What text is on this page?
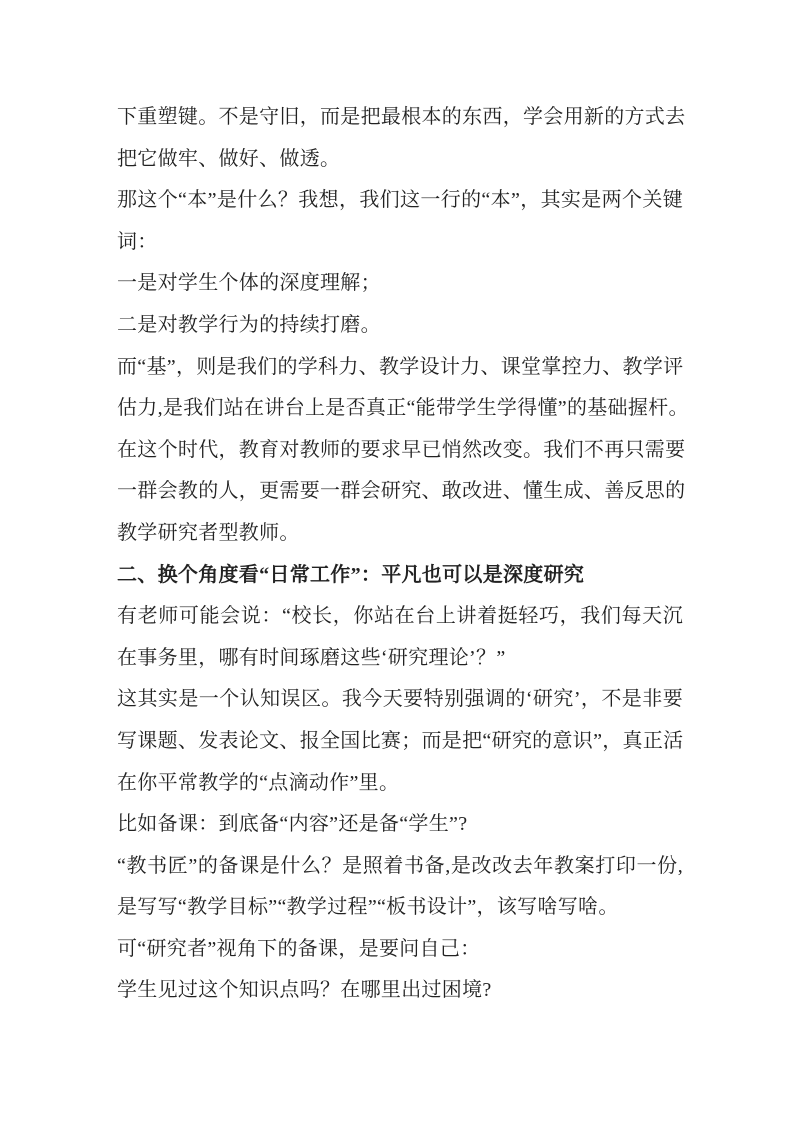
下重塑键。不是守旧，而是把最根本的东西，学会用新的方式去
把它做牢、做好、做透。
那这个“本”是什么？我想，我们这一行的“本”，其实是两个关键
词：
一是对学生个体的深度理解；
二是对教学行为的持续打磨。
而“基”，则是我们的学科力、教学设计力、课堂掌控力、教学评
估力,是我们站在讲台上是否真正“能带学生学得懂”的基础握杆。
在这个时代，教育对教师的要求早已悄然改变。我们不再只需要
一群会教的人，更需要一群会研究、敢改进、懂生成、善反思的
教学研究者型教师。
二、换个角度看“日常工作”：平凡也可以是深度研究
有老师可能会说：“校长，你站在台上讲着挺轻巧，我们每天沉
在事务里，哪有时间琢磨这些‘研究理论’？”
这其实是一个认知误区。我今天要特别强调的‘研究’，不是非要
写课题、发表论文、报全国比赛；而是把“研究的意识”，真正活
在你平常教学的“点滴动作”里。
比如备课：到底备“内容”还是备“学生”?
“教书匠”的备课是什么？是照着书备,是改改去年教案打印一份,
是写写“教学目标”“教学过程”“板书设计”，该写啥写啥。
可“研究者”视角下的备课，是要问自己：
学生见过这个知识点吗？在哪里出过困境?
